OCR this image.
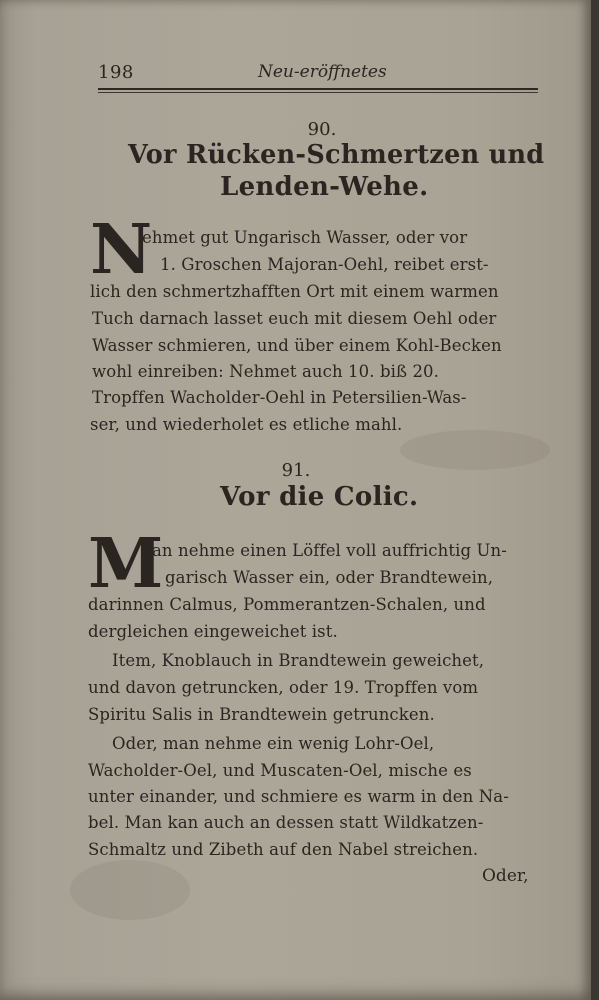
198	Neu-eröffnetes
90.
Vor Rücken-Schmertzen und
Lenden-Wehe.
N
ehmet gut Ungarisch Wasser, oder vor
1. Groschen Majoran-Oehl, reibet erst-
lich den schmertzhafften Ort mit einem warmen
Tuch darnach lasset euch mit diesem Oehl oder
Wasser schmieren, und über einem Kohl-Becken
wohl einreiben: Nehmet auch 10. biß 20.
Tropffen Wacholder-Oehl in Petersilien-Was-
ser, und wiederholet es etliche mahl.
91.
Vor die Colic.
M
an nehme einen Löffel voll auffrichtig Un-
garisch Wasser ein, oder Brandtewein,
darinnen Calmus, Pommerantzen-Schalen, und
dergleichen eingeweichet ist.
Item, Knoblauch in Brandtewein geweichet,
und davon getruncken, oder 19. Tropffen vom
Spiritu Salis in Brandtewein getruncken.
Oder, man nehme ein wenig Lohr-Oel,
Wacholder-Oel, und Muscaten-Oel, mische es
unter einander, und schmiere es warm in den Na-
bel. Man kan auch an dessen statt Wildkatzen-
Schmaltz und Zibeth auf den Nabel streichen.
Oder,
